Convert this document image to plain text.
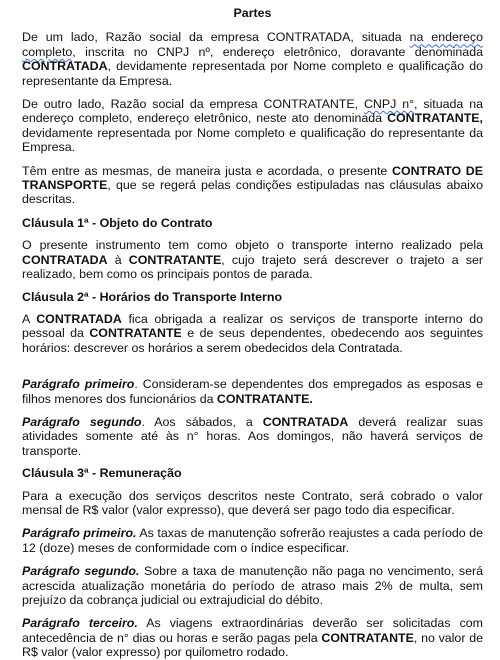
Partes

De um lado, Razão social da empresa CONTRATADA, situada na endereço completo, inscrita no CNPJ nº, endereço eletrônico, doravante denominada CONTRATADA, devidamente representada por Nome completo e qualificação do representante da Empresa.

De outro lado, Razão social da empresa CONTRATANTE, CNPJ n°, situada na endereço completo, endereço eletrônico, neste ato denominada CONTRATANTE, devidamente representada por Nome completo e qualificação do representante da Empresa.

Têm entre as mesmas, de maneira justa e acordada, o presente CONTRATO DE TRANSPORTE, que se regerá pelas condições estipuladas nas cláusulas abaixo descritas.

Cláusula 1ª - Objeto do Contrato

O presente instrumento tem como objeto o transporte interno realizado pela CONTRATADA à CONTRATANTE, cujo trajeto será descrever o trajeto a ser realizado, bem como os principais pontos de parada.

Cláusula 2ª - Horários do Transporte Interno

A CONTRATADA fica obrigada a realizar os serviços de transporte interno do pessoal da CONTRATANTE e de seus dependentes, obedecendo aos seguintes horários: descrever os horários a serem obedecidos dela Contratada.

Parágrafo primeiro. Consideram-se dependentes dos empregados as esposas e filhos menores dos funcionários da CONTRATANTE.

Parágrafo segundo. Aos sábados, a CONTRATADA deverá realizar suas atividades somente até às n° horas. Aos domingos, não haverá serviços de transporte.

Cláusula 3ª - Remuneração

Para a execução dos serviços descritos neste Contrato, será cobrado o valor mensal de R$ valor (valor expresso), que deverá ser pago todo dia especificar.

Parágrafo primeiro. As taxas de manutenção sofrerão reajustes a cada período de 12 (doze) meses de conformidade com o índice especificar.

Parágrafo segundo. Sobre a taxa de manutenção não paga no vencimento, será acrescida atualização monetária do período de atraso mais 2% de multa, sem prejuízo da cobrança judicial ou extrajudicial do débito.

Parágrafo terceiro. As viagens extraordinárias deverão ser solicitadas com antecedência de n° dias ou horas e serão pagas pela CONTRATANTE, no valor de R$ valor (valor expresso) por quilometro rodado.
